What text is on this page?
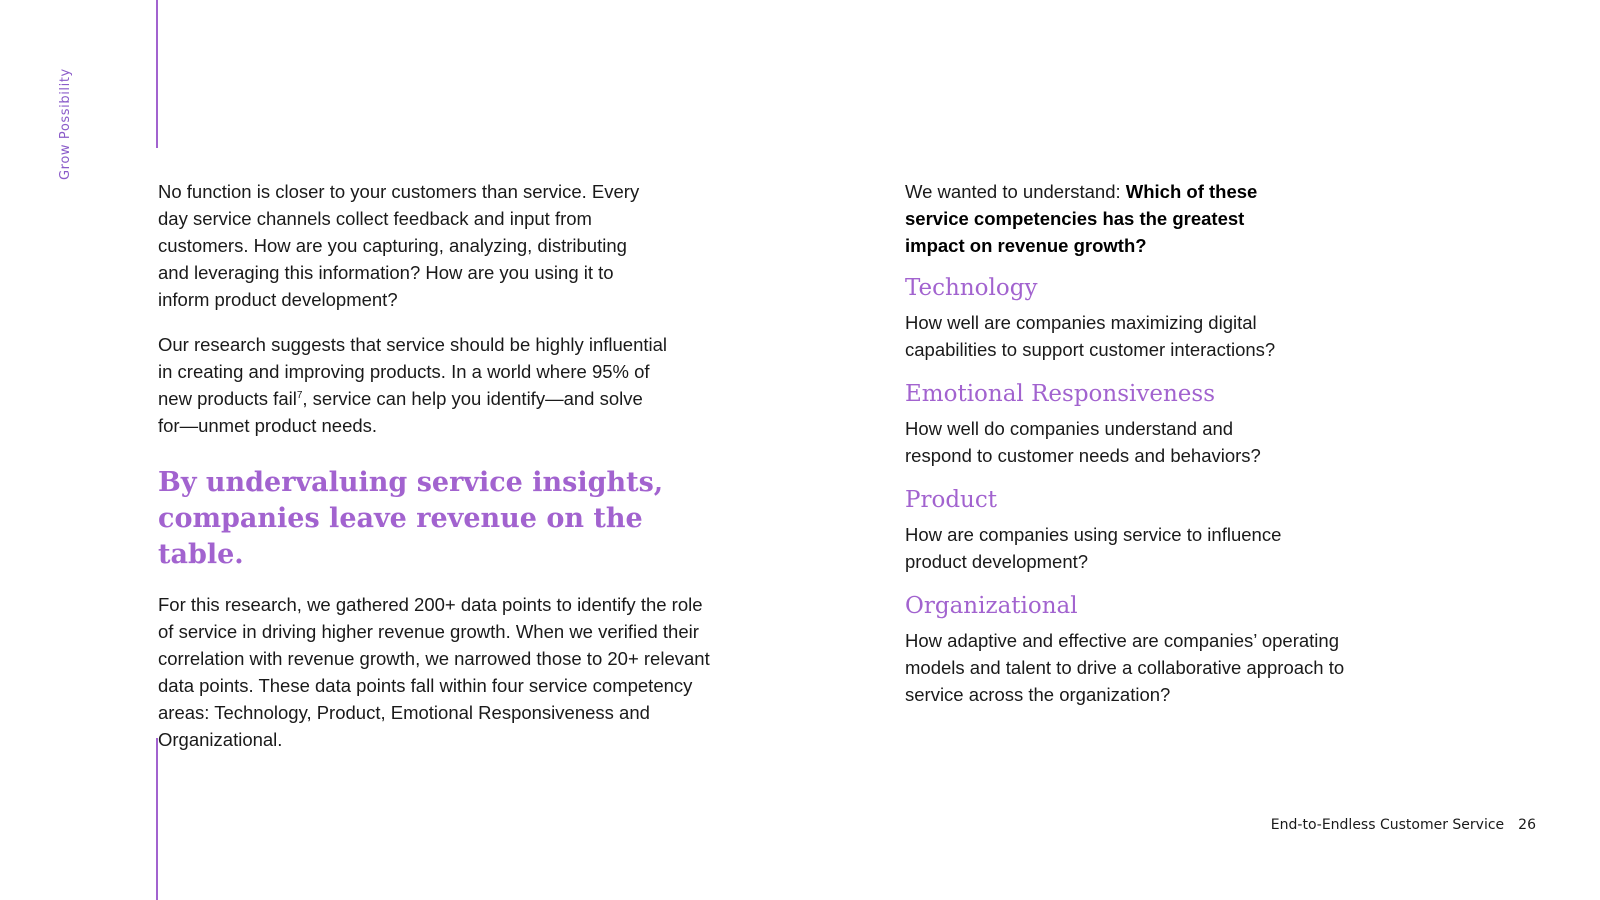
Grow Possibility

No function is closer to your customers than service. Every day service channels collect feedback and input from customers. How are you capturing, analyzing, distributing and leveraging this information? How are you using it to inform product development?

Our research suggests that service should be highly influential in creating and improving products. In a world where 95% of new products fail$^7$, service can help you identify—and solve for—unmet product needs.

By undervaluing service insights, companies leave revenue on the table.

For this research, we gathered 200+ data points to identify the role of service in driving higher revenue growth. When we verified their correlation with revenue growth, we narrowed those to 20+ relevant data points. These data points fall within four service competency areas: Technology, Product, Emotional Responsiveness and Organizational.

We wanted to understand: Which of these service competencies has the greatest impact on revenue growth?

Technology

How well are companies maximizing digital capabilities to support customer interactions?

Emotional Responsiveness

How well do companies understand and respond to customer needs and behaviors?

Product

How are companies using service to influence product development?

Organizational

How adaptive and effective are companies’ operating models and talent to drive a collaborative approach to service across the organization?

End-to-Endless Customer Service 26
